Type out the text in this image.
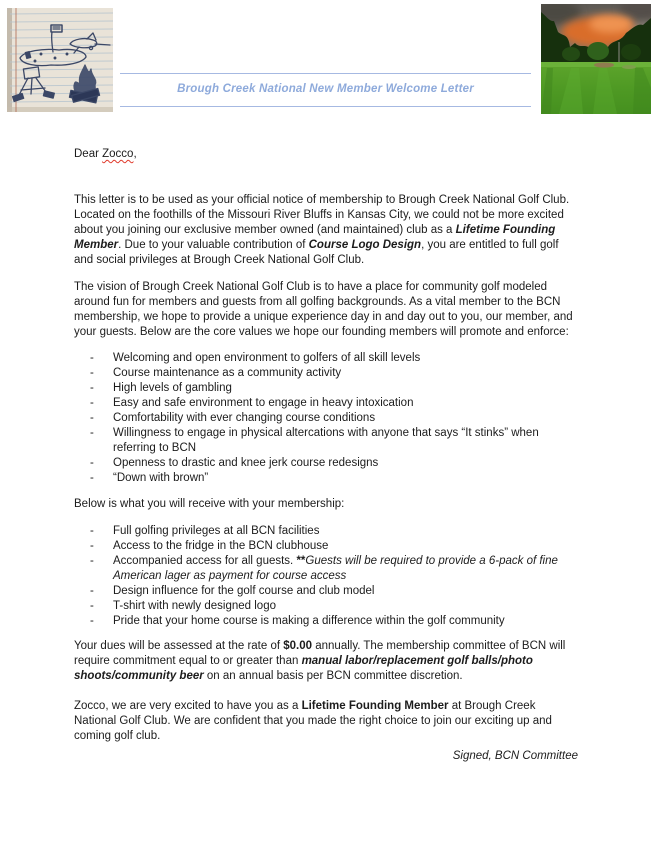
Brough Creek National New Member Welcome Letter

Dear Zocco,

This letter is to be used as your official notice of membership to Brough Creek National Golf Club. Located on the foothills of the Missouri River Bluffs in Kansas City, we could not be more excited about you joining our exclusive member owned (and maintained) club as a Lifetime Founding Member. Due to your valuable contribution of Course Logo Design, you are entitled to full golf and social privileges at Brough Creek National Golf Club.

The vision of Brough Creek National Golf Club is to have a place for community golf modeled around fun for members and guests from all golfing backgrounds. As a vital member to the BCN membership, we hope to provide a unique experience day in and day out to you, our member, and your guests. Below are the core values we hope our founding members will promote and enforce:

- Welcoming and open environment to golfers of all skill levels
- Course maintenance as a community activity
- High levels of gambling
- Easy and safe environment to engage in heavy intoxication
- Comfortability with ever changing course conditions
- Willingness to engage in physical altercations with anyone that says “It stinks” when referring to BCN
- Openness to drastic and knee jerk course redesigns
- “Down with brown”

Below is what you will receive with your membership:

- Full golfing privileges at all BCN facilities
- Access to the fridge in the BCN clubhouse
- Accompanied access for all guests. **Guests will be required to provide a 6-pack of fine American lager as payment for course access
- Design influence for the golf course and club model
- T-shirt with newly designed logo
- Pride that your home course is making a difference within the golf community

Your dues will be assessed at the rate of $0.00 annually. The membership committee of BCN will require commitment equal to or greater than manual labor/replacement golf balls/photo shoots/community beer on an annual basis per BCN committee discretion.

Zocco, we are very excited to have you as a Lifetime Founding Member at Brough Creek National Golf Club. We are confident that you made the right choice to join our exciting up and coming golf club.

Signed, BCN Committee
